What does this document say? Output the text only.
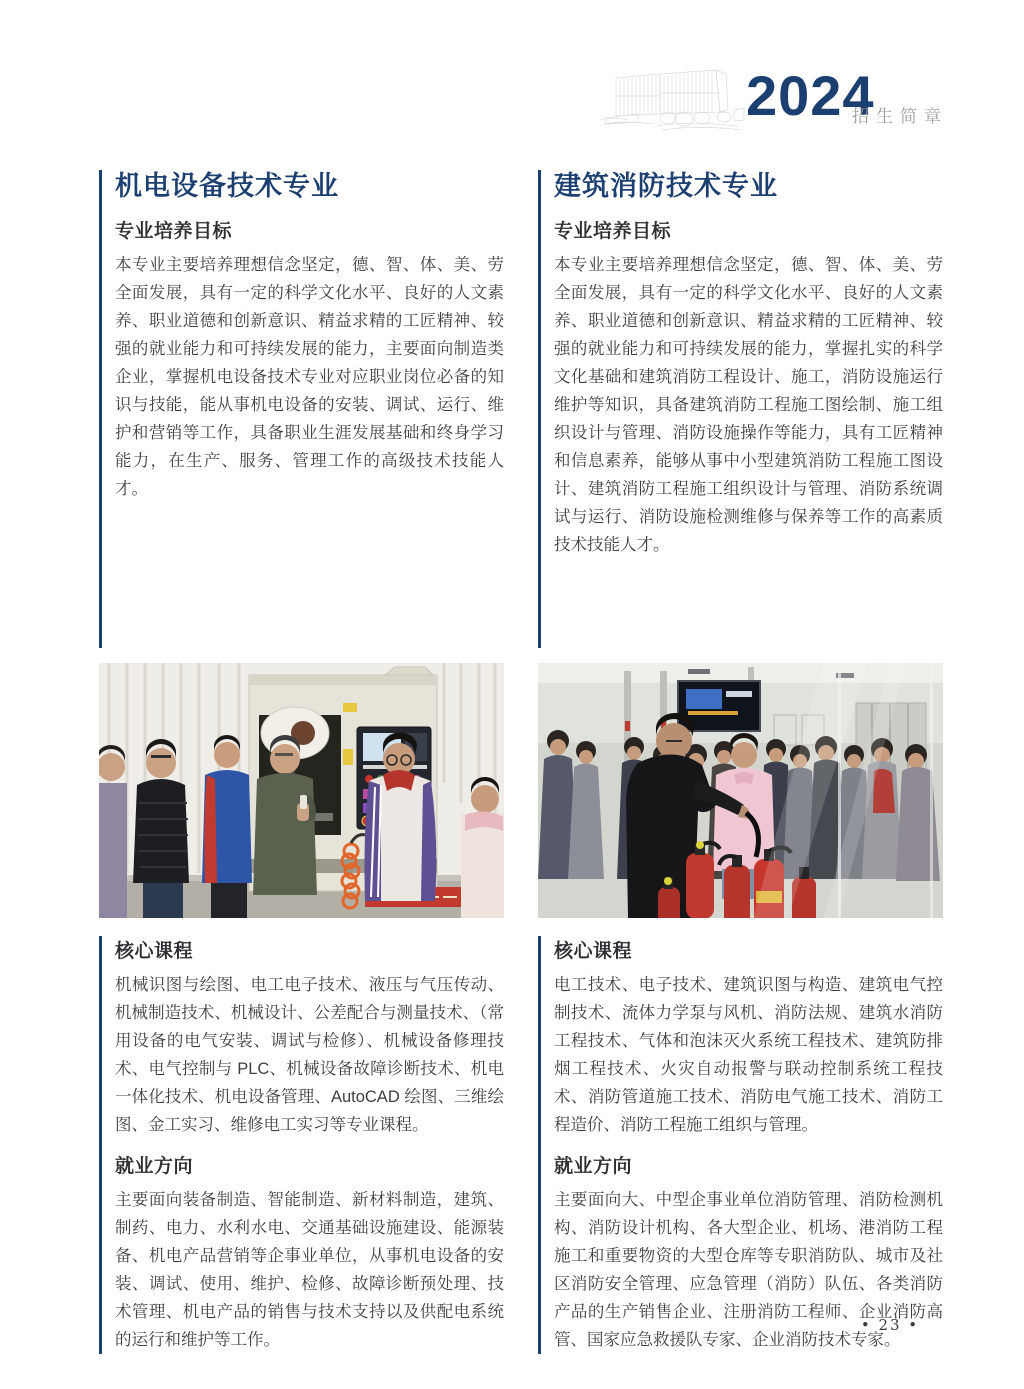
2024
招生简章
机电设备技术专业
专业培养目标

本专业主要培养理想信念坚定，德、智、体、美、劳全面发展，具有一定的科学文化水平、良好的人文素养、职业道德和创新意识、精益求精的工匠精神、较强的就业能力和可持续发展的能力，主要面向制造类企业，掌握机电设备技术专业对应职业岗位必备的知识与技能，能从事机电设备的安装、调试、运行、维护和营销等工作，具备职业生涯发展基础和终身学习能力，在生产、服务、管理工作的高级技术技能人才。

核心课程

机械识图与绘图、电工电子技术、液压与气压传动、机械制造技术、机械设计、公差配合与测量技术、（常用设备的电气安装、调试与检修）、机械设备修理技术、电气控制与 PLC、机械设备故障诊断技术、机电一体化技术、机电设备管理、AutoCAD 绘图、三维绘图、金工实习、维修电工实习等专业课程。

就业方向

主要面向装备制造、智能制造、新材料制造，建筑、制药、电力、水利水电、交通基础设施建设、能源装备、机电产品营销等企事业单位，从事机电设备的安装、调试、使用、维护、检修、故障诊断预处理、技术管理、机电产品的销售与技术支持以及供配电系统的运行和维护等工作。

建筑消防技术专业
专业培养目标

本专业主要培养理想信念坚定，德、智、体、美、劳全面发展，具有一定的科学文化水平、良好的人文素养、职业道德和创新意识、精益求精的工匠精神、较强的就业能力和可持续发展的能力，掌握扎实的科学文化基础和建筑消防工程设计、施工，消防设施运行维护等知识，具备建筑消防工程施工图绘制、施工组织设计与管理、消防设施操作等能力，具有工匠精神和信息素养，能够从事中小型建筑消防工程施工图设计、建筑消防工程施工组织设计与管理、消防系统调试与运行、消防设施检测维修与保养等工作的高素质技术技能人才。

核心课程

电工技术、电子技术、建筑识图与构造、建筑电气控制技术、流体力学泵与风机、消防法规、建筑水消防工程技术、气体和泡沫灭火系统工程技术、建筑防排烟工程技术、火灾自动报警与联动控制系统工程技术、消防管道施工技术、消防电气施工技术、消防工程造价、消防工程施工组织与管理。

就业方向

主要面向大、中型企事业单位消防管理、消防检测机构、消防设计机构、各大型企业、机场、港消防工程施工和重要物资的大型仓库等专职消防队、城市及社区消防安全管理、应急管理（消防）队伍、各类消防产品的生产销售企业、注册消防工程师、企业消防高管、国家应急救援队专家、企业消防技术专家。

• 23 •
